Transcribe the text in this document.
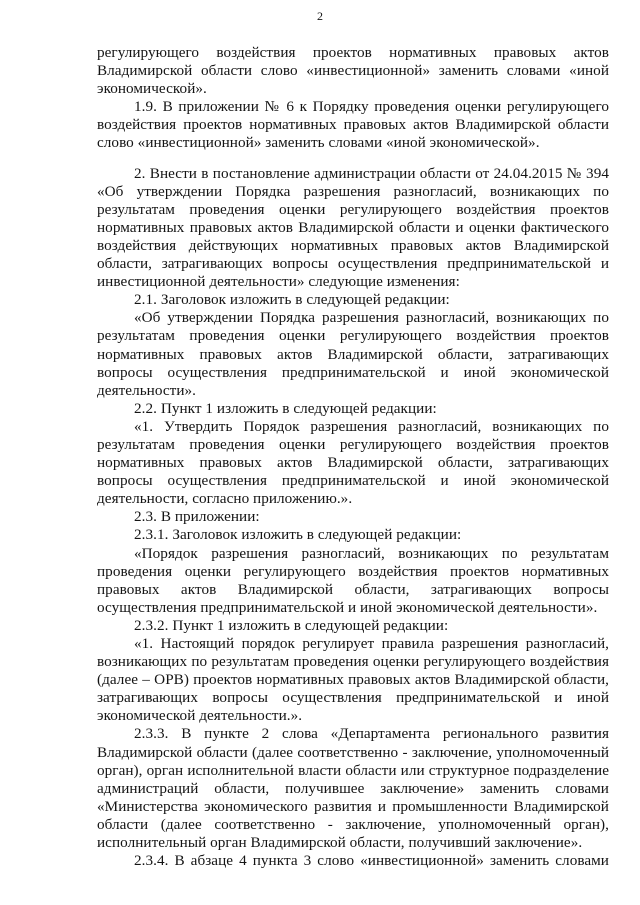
2

регулирующего воздействия проектов нормативных правовых актов Владимирской области слово «инвестиционной» заменить словами «иной экономической».

1.9. В приложении № 6 к Порядку проведения оценки регулирующего воздействия проектов нормативных правовых актов Владимирской области слово «инвестиционной» заменить словами «иной экономической».

2. Внести в постановление администрации области от 24.04.2015 № 394 «Об утверждении Порядка разрешения разногласий, возникающих по результатам проведения оценки регулирующего воздействия проектов нормативных правовых актов Владимирской области и оценки фактического воздействия действующих нормативных правовых актов Владимирской области, затрагивающих вопросы осуществления предпринимательской и инвестиционной деятельности» следующие изменения:

2.1. Заголовок изложить в следующей редакции:

«Об утверждении Порядка разрешения разногласий, возникающих по результатам проведения оценки регулирующего воздействия проектов нормативных правовых актов Владимирской области, затрагивающих вопросы осуществления предпринимательской и иной экономической деятельности».

2.2. Пункт 1 изложить в следующей редакции:

«1. Утвердить Порядок разрешения разногласий, возникающих по результатам проведения оценки регулирующего воздействия проектов нормативных правовых актов Владимирской области, затрагивающих вопросы осуществления предпринимательской и иной экономической деятельности, согласно приложению.».

2.3. В приложении:

2.3.1. Заголовок изложить в следующей редакции:

«Порядок разрешения разногласий, возникающих по результатам проведения оценки регулирующего воздействия проектов нормативных правовых актов Владимирской области, затрагивающих вопросы осуществления предпринимательской и иной экономической деятельности».

2.3.2. Пункт 1 изложить в следующей редакции:

«1. Настоящий порядок регулирует правила разрешения разногласий, возникающих по результатам проведения оценки регулирующего воздействия (далее – ОРВ) проектов нормативных правовых актов Владимирской области, затрагивающих вопросы осуществления предпринимательской и иной экономической деятельности.».

2.3.3. В пункте 2 слова «Департамента регионального развития Владимирской области (далее соответственно - заключение, уполномоченный орган), орган исполнительной власти области или структурное подразделение администраций области, получившее заключение» заменить словами «Министерства экономического развития и промышленности Владимирской области (далее соответственно - заключение, уполномоченный орган), исполнительный орган Владимирской области, получивший заключение».

2.3.4. В абзаце 4 пункта 3 слово «инвестиционной» заменить словами
